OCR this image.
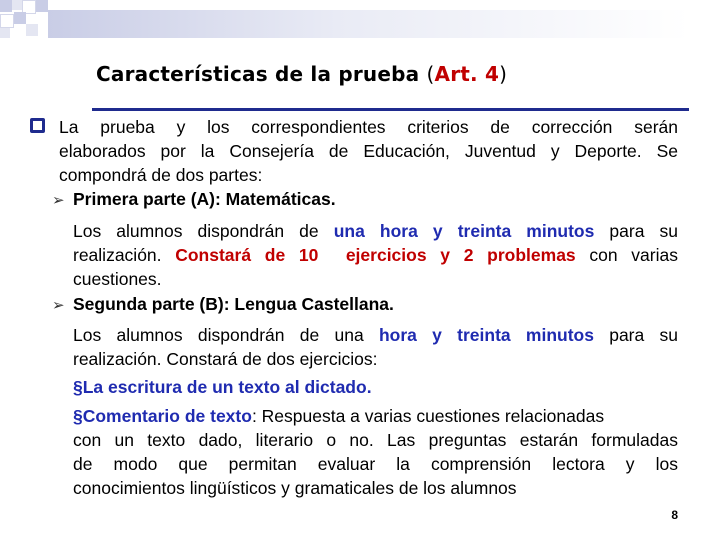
Características de la prueba (Art. 4)
La prueba y los correspondientes criterios de corrección serán
elaborados por la Consejería de Educación, Juventud y Deporte. Se
compondrá de dos partes:
➢ Primera parte (A): Matemáticas.
Los alumnos dispondrán de una hora y treinta minutos para su
realización. Constará de 10  ejercicios y 2 problemas con varias
cuestiones.
➢ Segunda parte (B): Lengua Castellana.
Los alumnos dispondrán de una hora y treinta minutos para su
realización. Constará de dos ejercicios:
§La escritura de un texto al dictado.
§Comentario de texto: Respuesta a varias cuestiones relacionadas
con un texto dado, literario o no. Las preguntas estarán formuladas
de modo que permitan evaluar la comprensión lectora y los
conocimientos lingüísticos y gramaticales de los alumnos
8
